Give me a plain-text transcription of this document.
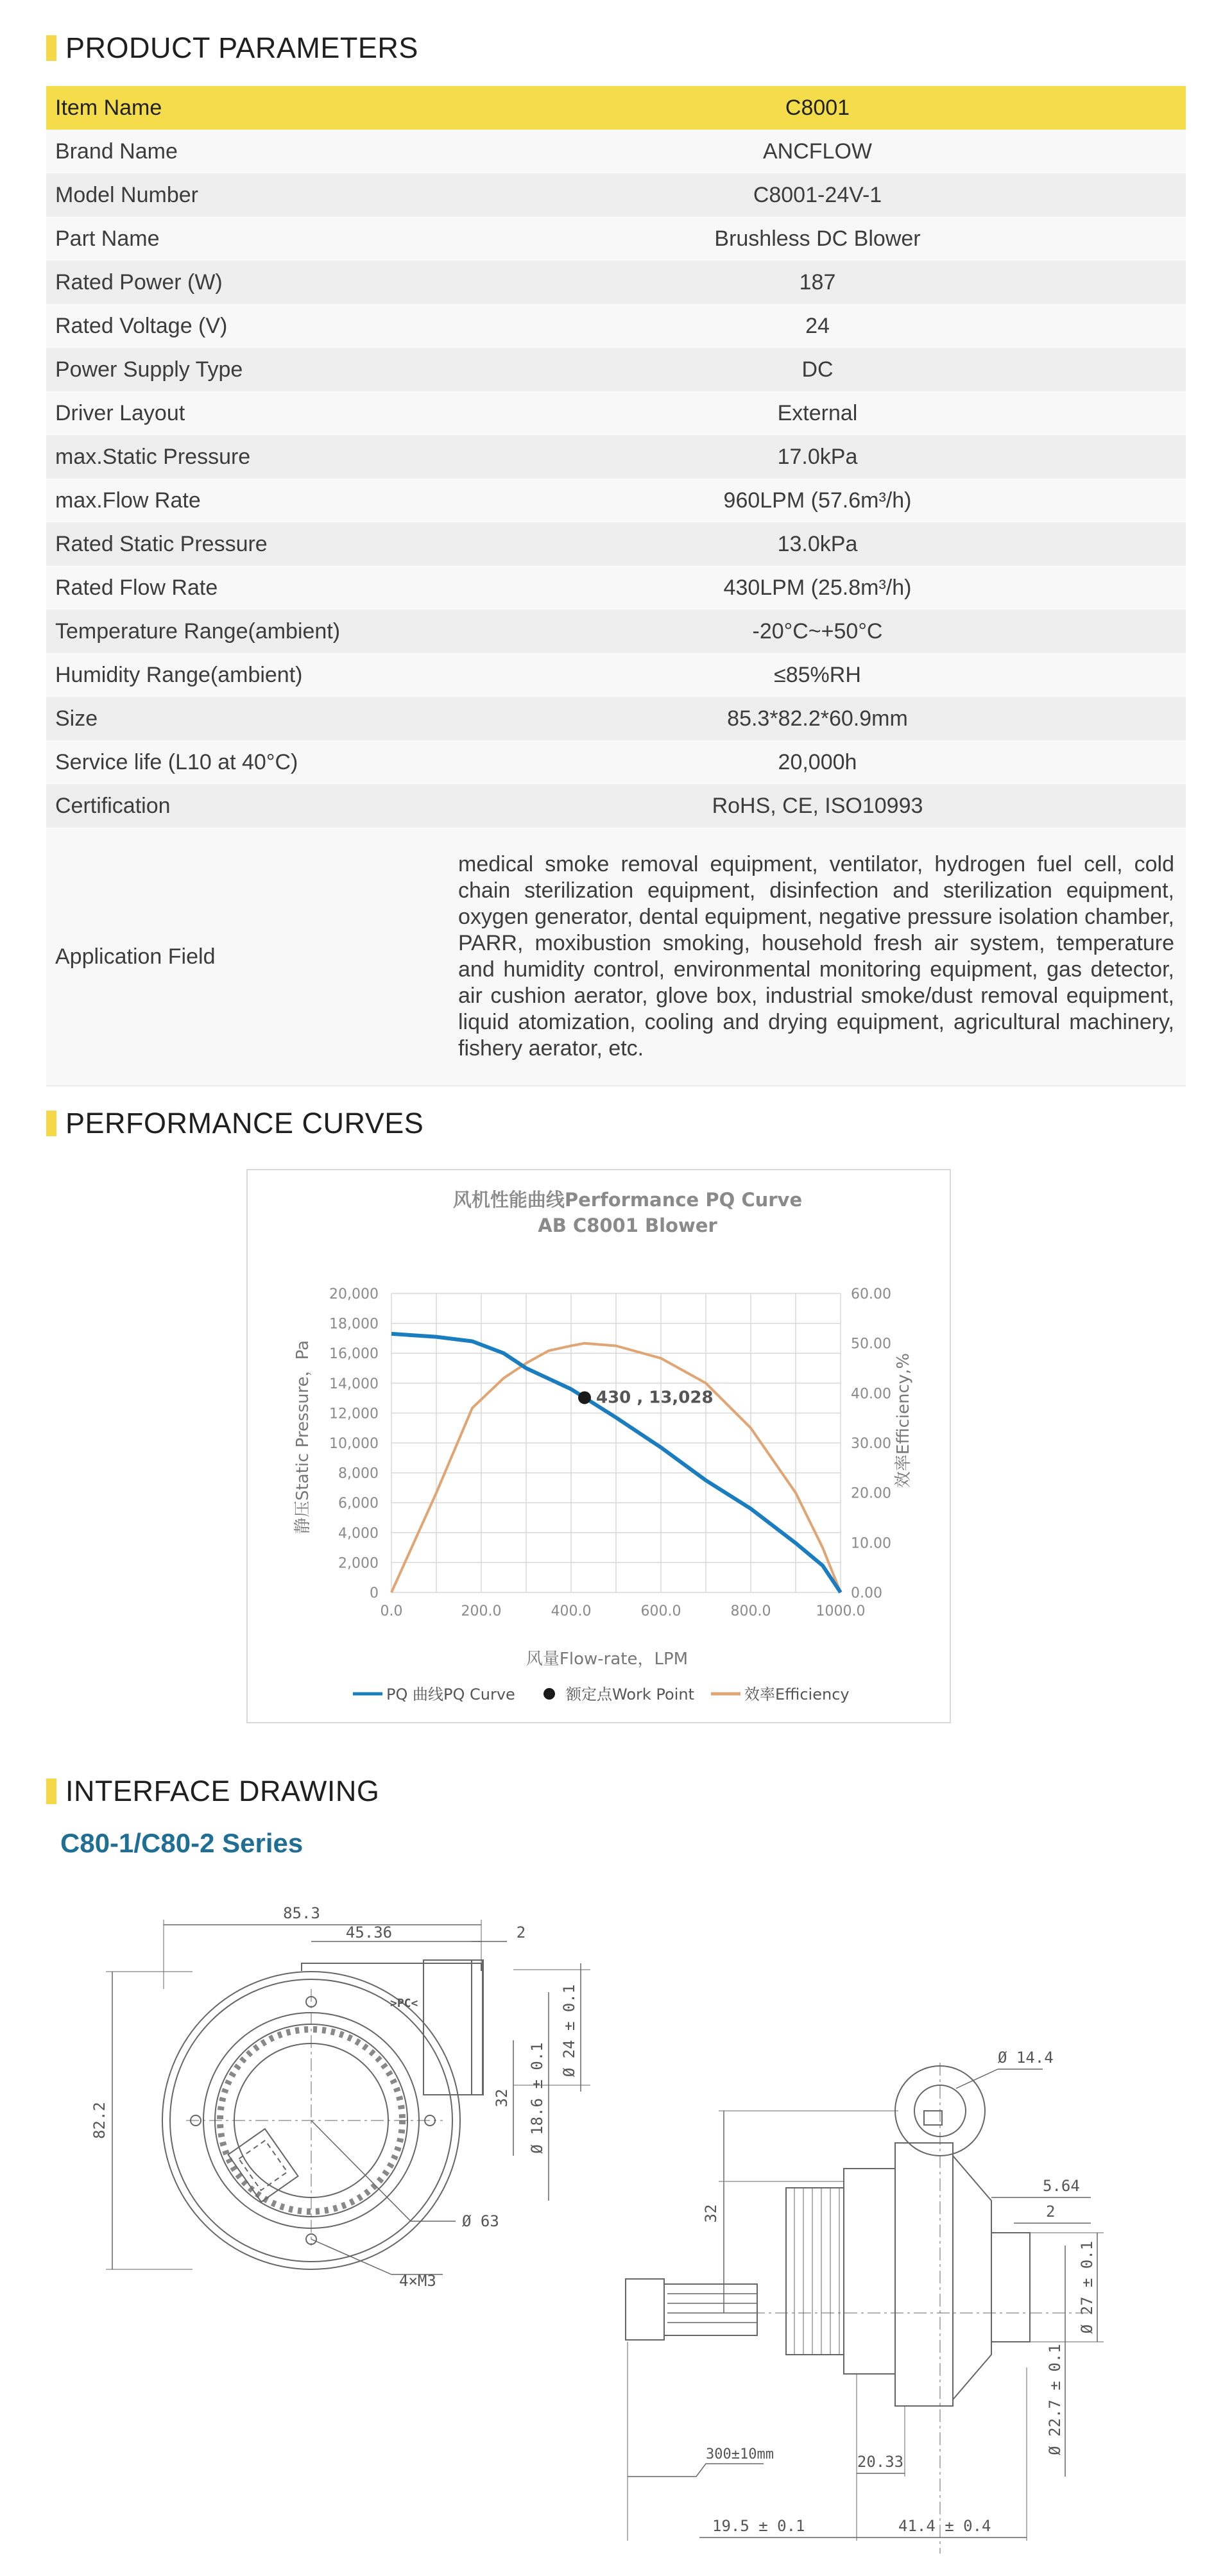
PRODUCT PARAMETERS
Item Name	C8001
Brand Name	ANCFLOW
Model Number	C8001-24V-1
Part Name	Brushless DC Blower
Rated Power (W)	187
Rated Voltage (V)	24
Power Supply Type	DC
Driver Layout	External
max.Static Pressure	17.0kPa
max.Flow Rate	960LPM (57.6m³/h)
Rated Static Pressure	13.0kPa
Rated Flow Rate	430LPM (25.8m³/h)
Temperature Range(ambient)	-20°C~+50°C
Humidity Range(ambient)	≤85%RH
Size	85.3*82.2*60.9mm
Service life (L10 at 40°C)	20,000h
Certification	RoHS, CE, ISO10993
Application Field	medical smoke removal equipment, ventilator, hydrogen fuel cell, cold chain sterilization equipment, disinfection and sterilization equipment, oxygen generator, dental equipment, negative pressure isolation chamber, PARR, moxibustion smoking, household fresh air system, temperature and humidity control, environmental monitoring equipment, gas detector, air cushion aerator, glove box, industrial smoke/dust removal equipment, liquid atomization, cooling and drying equipment, agricultural machinery, fishery aerator, etc.
PERFORMANCE CURVES
风机性能曲线Performance PQ Curve
AB C8001 Blower
0
2,000
4,000
6,000
8,000
10,000
12,000
14,000
16,000
18,000
20,000
0.0	200.0	400.0	600.0	800.0	1000.0
0.00
10.00
20.00
30.00
40.00
50.00
60.00
风量Flow-rate，LPM
静压Static Pressure，Pa	效率Efficiency,%
430 , 13,028
PQ 曲线PQ Curve	额定点Work Point	效率Efficiency
INTERFACE DRAWING
C80-1/C80-2 Series
85.3
45.36	2
Ø 24 ± 0.1
32 Ø 18.6 ± 0.1
82.2
Ø 63
4×M3
>PC<
Ø 14.4
5.64
2
32
Ø 27 ± 0.1
Ø 22.7 ± 0.1
300±10mm	20.33
19.5 ± 0.1	41.4 ± 0.4
